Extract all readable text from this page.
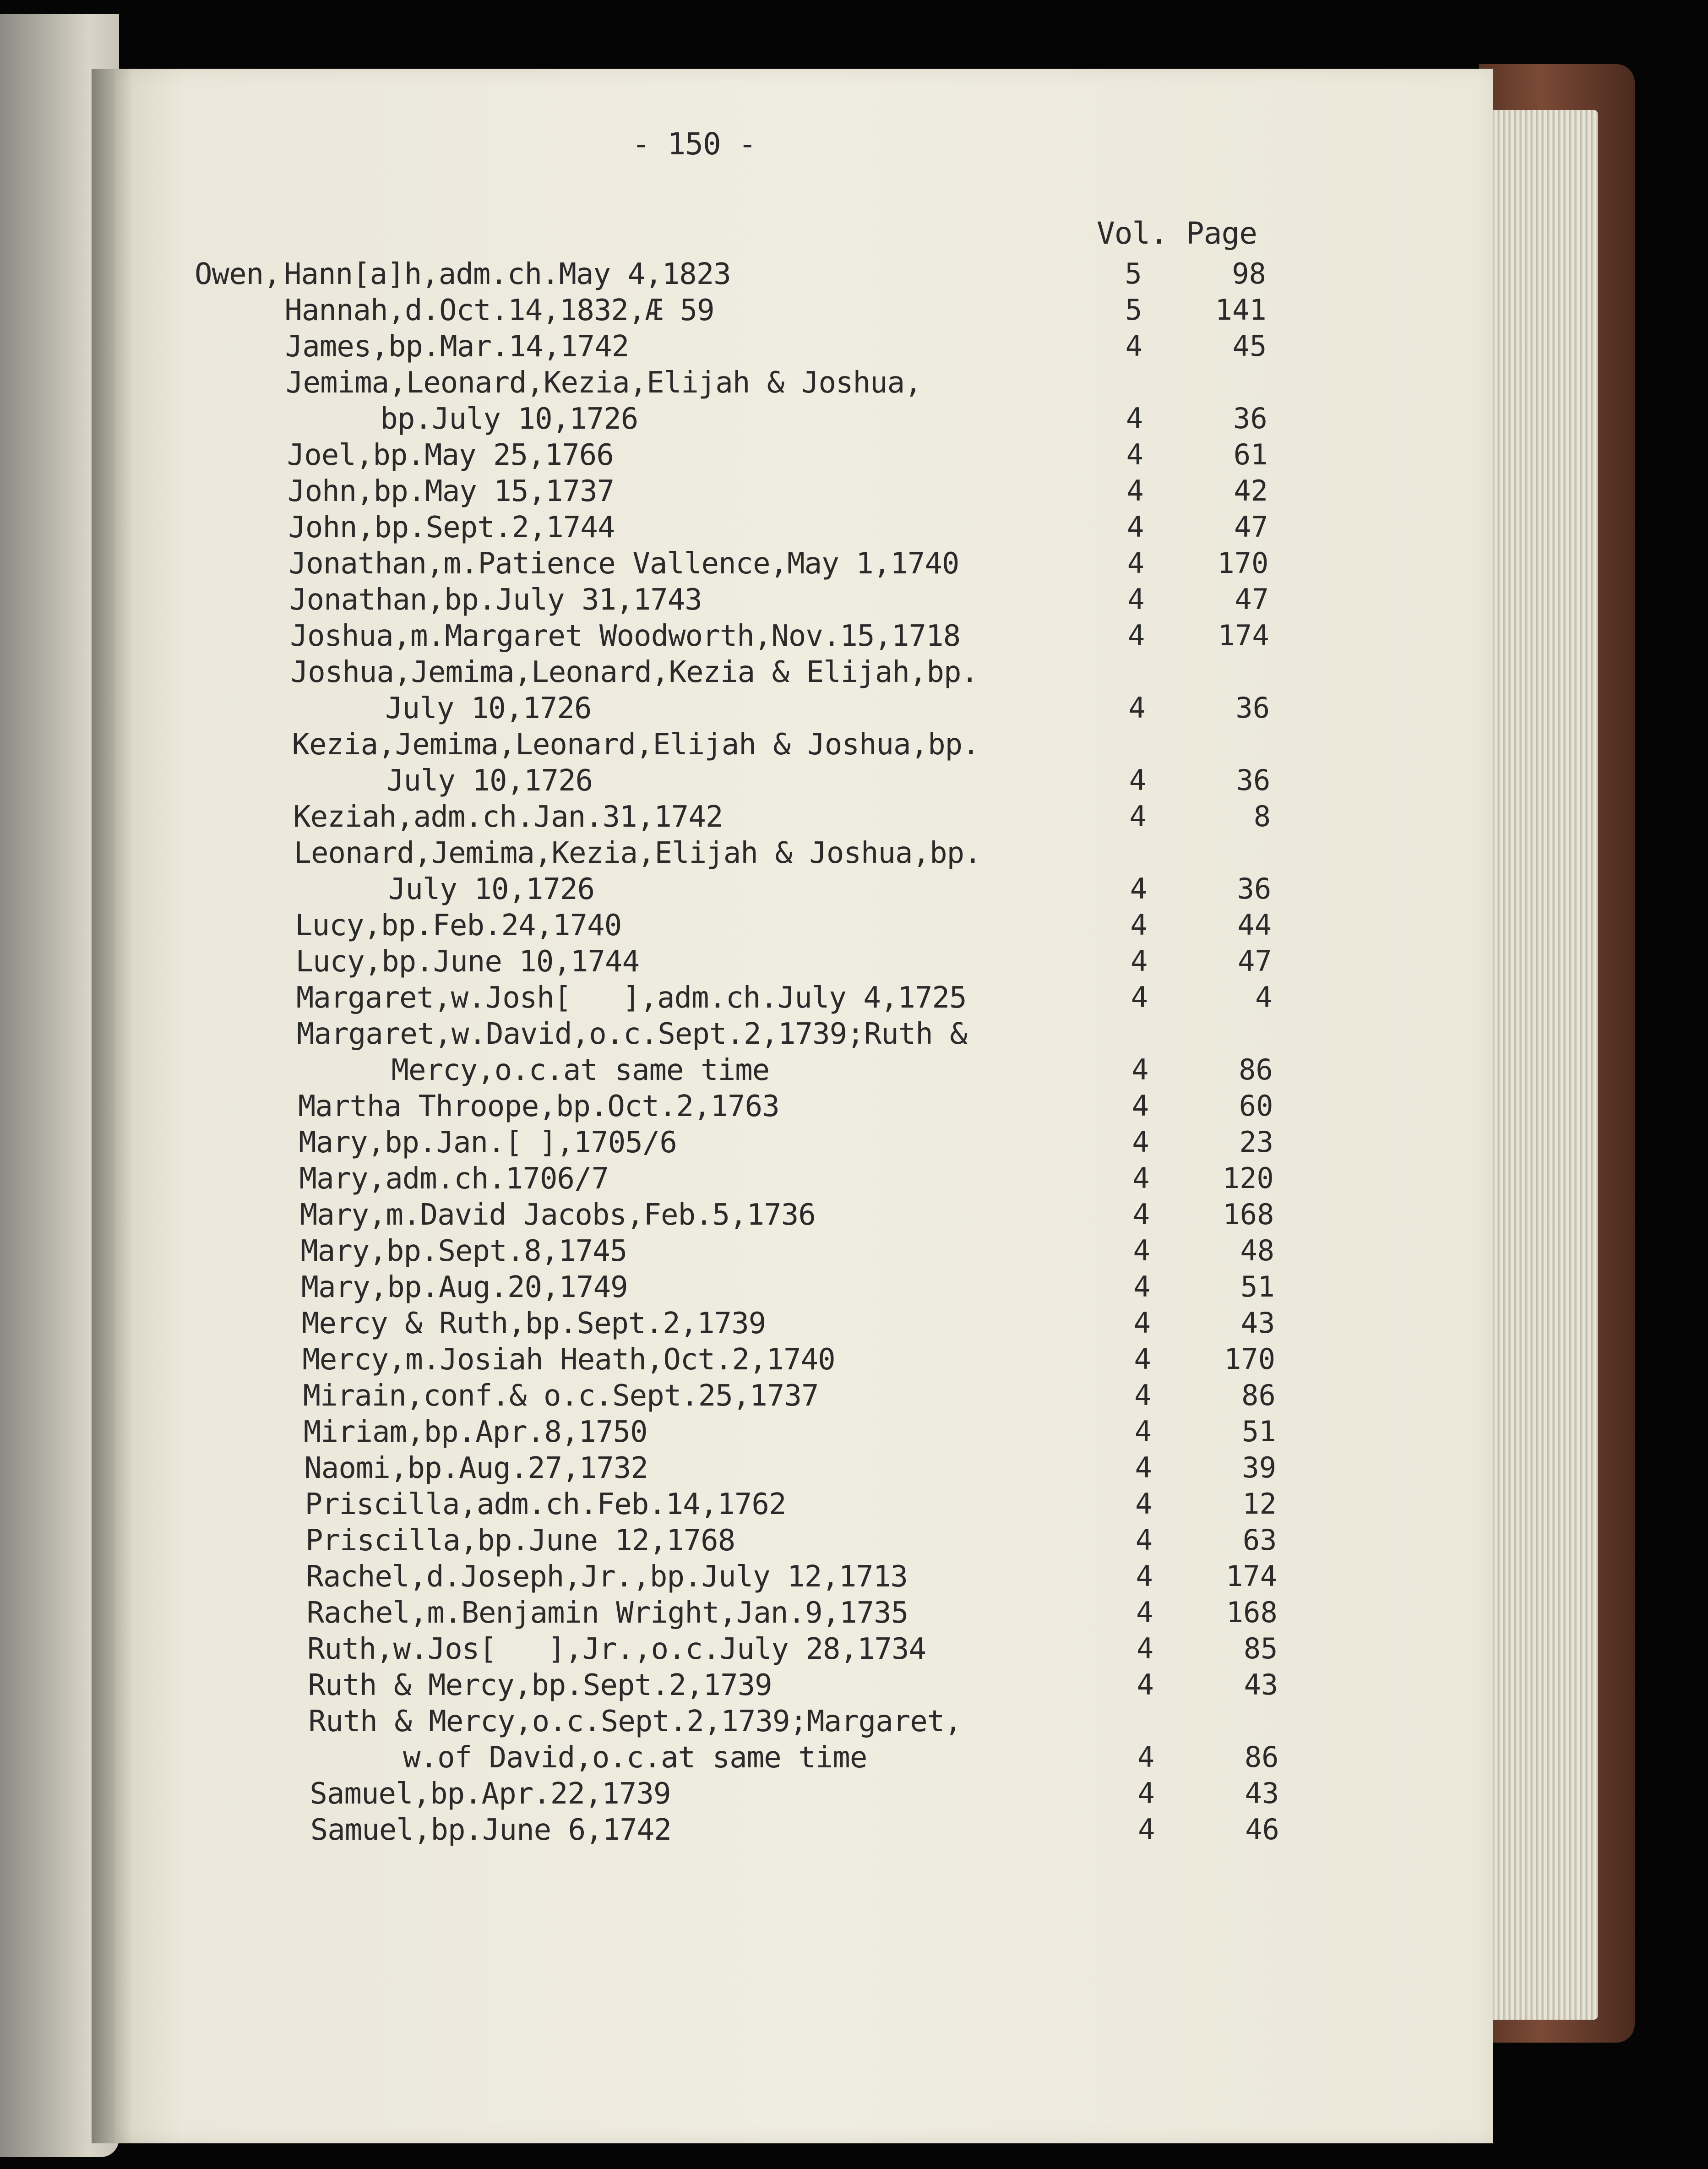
- 150 -
Vol. Page
Owen, Hann[a]h,adm.ch.May 4,1823	5	98
Hannah,d.Oct.14,1832,Æ 59	5	141
James,bp.Mar.14,1742	4	45
Jemima,Leonard,Kezia,Elijah & Joshua,
bp.July 10,1726	4	36
Joel,bp.May 25,1766	4	61
John,bp.May 15,1737	4	42
John,bp.Sept.2,1744	4	47
Jonathan,m.Patience Vallence,May 1,1740	4	170
Jonathan,bp.July 31,1743	4	47
Joshua,m.Margaret Woodworth,Nov.15,1718	4	174
Joshua,Jemima,Leonard,Kezia & Elijah,bp.
July 10,1726	4	36
Kezia,Jemima,Leonard,Elijah & Joshua,bp.
July 10,1726	4	36
Keziah,adm.ch.Jan.31,1742	4	8
Leonard,Jemima,Kezia,Elijah & Joshua,bp.
July 10,1726	4	36
Lucy,bp.Feb.24,1740	4	44
Lucy,bp.June 10,1744	4	47
Margaret,w.Josh[   ],adm.ch.July 4,1725	4	4
Margaret,w.David,o.c.Sept.2,1739;Ruth &
Mercy,o.c.at same time	4	86
Martha Throope,bp.Oct.2,1763	4	60
Mary,bp.Jan.[ ],1705/6	4	23
Mary,adm.ch.1706/7	4	120
Mary,m.David Jacobs,Feb.5,1736	4	168
Mary,bp.Sept.8,1745	4	48
Mary,bp.Aug.20,1749	4	51
Mercy & Ruth,bp.Sept.2,1739	4	43
Mercy,m.Josiah Heath,Oct.2,1740	4	170
Mirain,conf.& o.c.Sept.25,1737	4	86
Miriam,bp.Apr.8,1750	4	51
Naomi,bp.Aug.27,1732	4	39
Priscilla,adm.ch.Feb.14,1762	4	12
Priscilla,bp.June 12,1768	4	63
Rachel,d.Joseph,Jr.,bp.July 12,1713	4	174
Rachel,m.Benjamin Wright,Jan.9,1735	4	168
Ruth,w.Jos[   ],Jr.,o.c.July 28,1734	4	85
Ruth & Mercy,bp.Sept.2,1739	4	43
Ruth & Mercy,o.c.Sept.2,1739;Margaret,
w.of David,o.c.at same time	4	86
Samuel,bp.Apr.22,1739	4	43
Samuel,bp.June 6,1742	4	46
